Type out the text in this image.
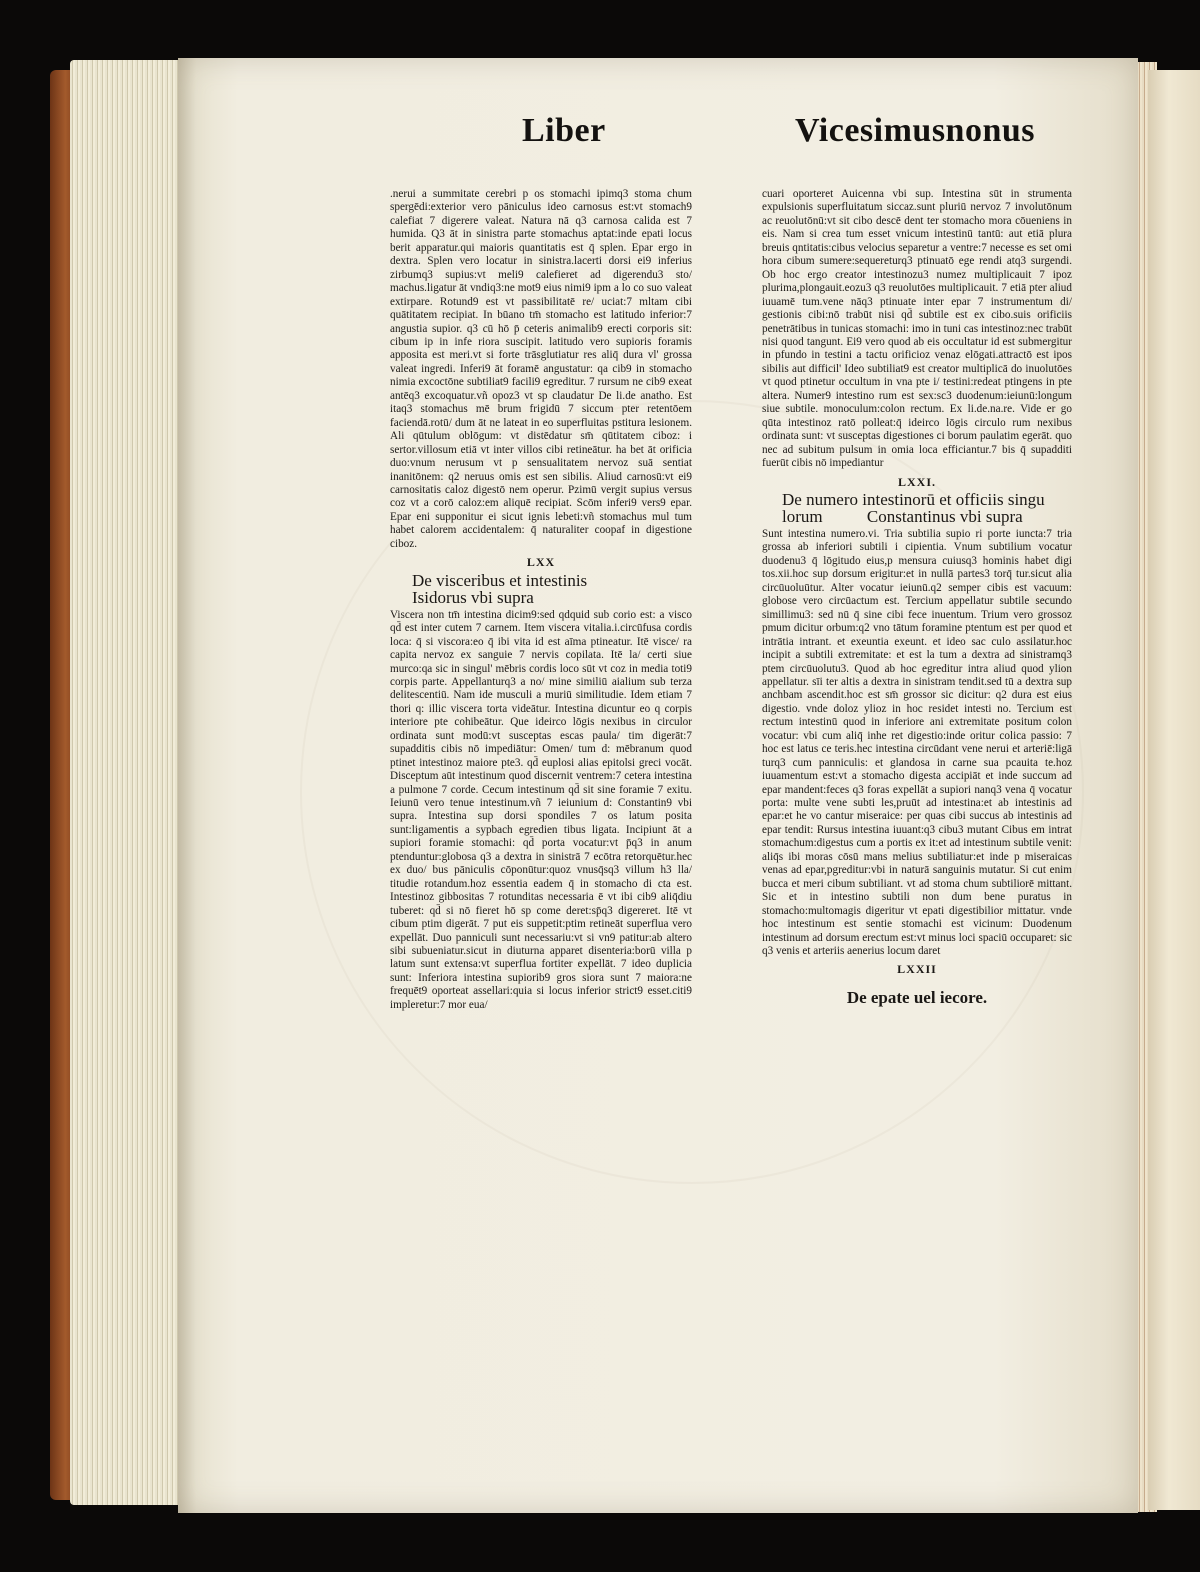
Liber	Vicesimusnonus

.nerui a summitate cerebri p os stomachi ipimq3 stoma chum spergēdi:exterior vero pāniculus ideo carnosus est:vt stomach9 calefiat 7 digerere valeat. Natura nā q3 carnosa calida est 7 humida. Q3 āt in sinistra parte stomachus aptat:inde epati locus berit apparatur.qui maioris quantitatis est q̄ splen. Epar ergo in dextra. Splen vero locatur in sinistra.lacerti dorsi ei9 inferius zirbumq3 supius:vt meli9 calefieret ad digerendu3 sto/ machus.ligatur āt vndiq3:ne mot9 eius nimi9 ipm a lo co suo valeat extirpare. Rotund9 est vt passibilitatē re/ uciat:7 mltam cibi quātitatem recipiat. In būano tm̄ stomacho est latitudo inferior:7 angustia supior. q3 cū hō p̄ ceteris animalib9 erecti corporis sit: cibum ip in infe riora suscipit. latitudo vero supioris foramis apposita est meri.vt si forte trāsglutiatur res aliq̄ dura vl' grossa valeat ingredi. Inferi9 āt foramē angustatur: qa cib9 in stomacho nimia excoctōne subtiliat9 facili9 egreditur. 7 rursum ne cib9 exeat antēq3 excoquatur.vñ opoz3 vt sp claudatur De li.de anatho. Est itaq3 stomachus mē brum frigidū 7 siccum pter retentōem faciendā.rotū/ dum āt ne lateat in eo superfluitas pstitura lesionem. Ali qūtulum oblōgum: vt distēdatur sm̄ qūtitatem ciboz: i sertor.villosum etiā vt inter villos cibi retineātur. ha bet āt orificia duo:vnum nerusum vt p sensualitatem nervoz suā sentiat inanitōnem: q2 neruus omis est sen sibilis. Aliud carnosū:vt ei9 carnositatis caloz digestō nem operur. Pzimū vergit supius versus coz vt a corō caloz:em aliquē recipiat. Scōm inferi9 vers9 epar. Epar eni supponitur ei sicut ignis lebeti:vñ stomachus mul tum habet calorem accidentalem: q̄ naturaliter coopaf in digestione ciboz.

LXX
De visceribus et intestinis
Isidorus vbi supra

Viscera non tm̄ intestina dicim9:sed qdquid sub corio est: a visco qd̄ est inter cutem 7 carnem. Item viscera vitalia.i.circūfusa cordis loca: q̄ si viscora:eo q̄ ibi vita id est aīma ptineatur. Itē visce/ ra capita nervoz ex sanguie 7 nervis copilata. Itē la/ certi siue murco:qa sic in singul' mēbris cordis loco sūt vt coz in media toti9 corpis parte. Appellanturq3 a no/ mine similiū aialium sub terza delitescentiū. Nam ide musculi a muriū similitudie. Idem etiam 7 thori q: illic viscera torta videātur. Intestina dicuntur eo q corpis interiore pte cohibeātur. Que ideirco lōgis nexibus in circulor ordinata sunt modū:vt susceptas escas paula/ tim digerāt:7 supadditis cibis nō impediātur: Omen/ tum d: mēbranum quod ptinet intestinoz maiore pte3. qd̄ euplosi alias epitolsi greci vocāt. Disceptum aūt intestinum quod discernit ventrem:7 cetera intestina a pulmone 7 corde. Cecum intestinum qd̄ sit sine foramie 7 exitu. Ieiunū vero tenue intestinum.vñ 7 ieiunium d: Constantin9 vbi supra. Intestina sup dorsi spondiles 7 os latum posita sunt:ligamentis a sypbach egredien tibus ligata. Incipiunt āt a supiori foramie stomachi: qd̄ porta vocatur:vt p̄q3 in anum ptenduntur:globosa q3 a dextra in sinistrā 7 ecōtra retorquētur.hec ex duo/ bus pāniculis cōponūtur:quoz vnusq̄sq3 villum h3 lla/ titudie rotandum.hoz essentia eadem q̄ in stomacho di cta est. Intestinoz gibbositas 7 rotunditas necessaria ē vt ibi cib9 aliq̄diu tuberet: qd̄ si nō fieret hō sp come deret:sp̄q3 digereret. Itē vt cibum ptim digerāt. 7 put eis suppetit:ptim retineāt superflua vero expellāt. Duo panniculi sunt necessariu:vt si vn9 patitur:ab altero sibi subueniatur.sicut in diuturna apparet disenteria:borū villa p latum sunt extensa:vt superflua fortiter expellāt. 7 ideo duplicia sunt: Inferiora intestina supiorib9 gros siora sunt 7 maiora:ne frequēt9 oporteat assellari:quia si locus inferior strict9 esset.citi9 impleretur:7 mor eua/

cuari oporteret Auicenna vbi sup. Intestina sūt in strumenta expulsionis superfluitatum siccaz.sunt pluriū nervoz 7 involutōnum ac reuolutōnū:vt sit cibo descē dent ter stomacho mora cōueniens in eis. Nam si crea tum esset vnicum intestinū tantū: aut etiā plura breuis qntitatis:cibus velocius separetur a ventre:7 necesse es set omi hora cibum sumere:sequereturq3 ptinuatō ege rendi atq3 surgendi. Ob hoc ergo creator intestinozu3 numez multiplicauit 7 ipoz plurima,plongauit.eozu3 q3 reuolutōes multiplicauit. 7 etiā pter aliud iuuamē tum.vene nāq3 ptinuate inter epar 7 instrumentum di/ gestionis cibi:nō trabūt nisi qd̄ subtile est ex cibo.suis orificiis penetrātibus in tunicas stomachi: imo in tuni cas intestinoz:nec trabūt nisi quod tangunt. Ei9 vero quod ab eis occultatur id est submergitur in pfundo in testini a tactu orificioz venaz elōgati.attractō est ipos sibilis aut difficil' Ideo subtiliat9 est creator multiplicā do inuolutōes vt quod ptinetur occultum in vna pte i/ testini:redeat ptingens in pte altera. Numer9 intestino rum est sex:sc3 duodenum:ieiunū:longum siue subtile. monoculum:colon rectum. Ex li.de.na.re. Vide er go qūta intestinoz ratō polleat:q̄ ideirco lōgis circulo rum nexibus ordinata sunt: vt susceptas digestiones ci borum paulatim egerāt. quo nec ad subitum pulsum in omia loca efficiantur.7 bis q̄ supadditi fuerūt cibis nō impediantur

LXXI.
De numero intestinorū et officiis singu
lorum	Constantinus vbi supra

Sunt intestina numero.vi. Tria subtilia supio ri porte iuncta:7 tria grossa ab inferiori subtili i cipientia. Vnum subtilium vocatur duodenu3 q̄ lōgitudo eius,p mensura cuiusq3 hominis habet digi tos.xii.hoc sup dorsum erigitur:et in nullā partes3 torq̄ tur.sicut alia circūuoluūtur. Alter vocatur ieiunū.q2 semper cibis est vacuum: globose vero circūactum est. Tercium appellatur subtile secundo simillimu3: sed nū q̄ sine cibi fece inuentum. Trium vero grossoz pmum dicitur orbum:q2 vno tātum foramine ptentum est per quod et intrātia intrant. et exeuntia exeunt. et ideo sac culo assilatur.hoc incipit a subtili extremitate: et est la tum a dextra ad sinistramq3 ptem circūuolutu3. Quod ab hoc egreditur intra aliud quod ylion appellatur. sīi ter altis a dextra in sinistram tendit.sed tū a dextra sup anchbam ascendit.hoc est sm̄ grossor sic dicitur: q2 dura est eius digestio. vnde doloz ylioz in hoc residet intesti no. Tercium est rectum intestinū quod in inferiore ani extremitate positum colon vocatur: vbi cum aliq̄ inhe ret digestio:inde oritur colica passio: 7 hoc est latus ce teris.hec intestina circūdant vene nerui et arteriē:ligā turq3 cum panniculis: et glandosa in carne sua pcauita te.hoz iuuamentum est:vt a stomacho digesta accipiāt et inde succum ad epar mandent:feces q3 foras expellāt a supiori nanq3 vena q̄ vocatur porta: multe vene subti les,pruūt ad intestina:et ab intestinis ad epar:et he vo cantur miseraice: per quas cibi succus ab intestinis ad epar tendit: Rursus intestina iuuant:q3 cibu3 mutant Cibus em intrat stomachum:digestus cum a portis ex it:et ad intestinum subtile venit: aliq̄s ibi moras cōsū mans melius subtiliatur:et inde p miseraicas venas ad epar,pgreditur:vbi in naturā sanguinis mutatur. Si cut enim bucca et meri cibum subtiliant. vt ad stoma chum subtiliorē mittant. Sic et in intestino subtili non dum bene puratus in stomacho:multomagis digeritur vt epati digestibilior mittatur. vnde hoc intestinum est sentie stomachi est vicinum: Duodenum intestinum ad dorsum erectum est:vt minus loci spaciū occuparet: sic q3 venis et arteriis aenerius locum daret

LXXII
De epate uel iecore.
